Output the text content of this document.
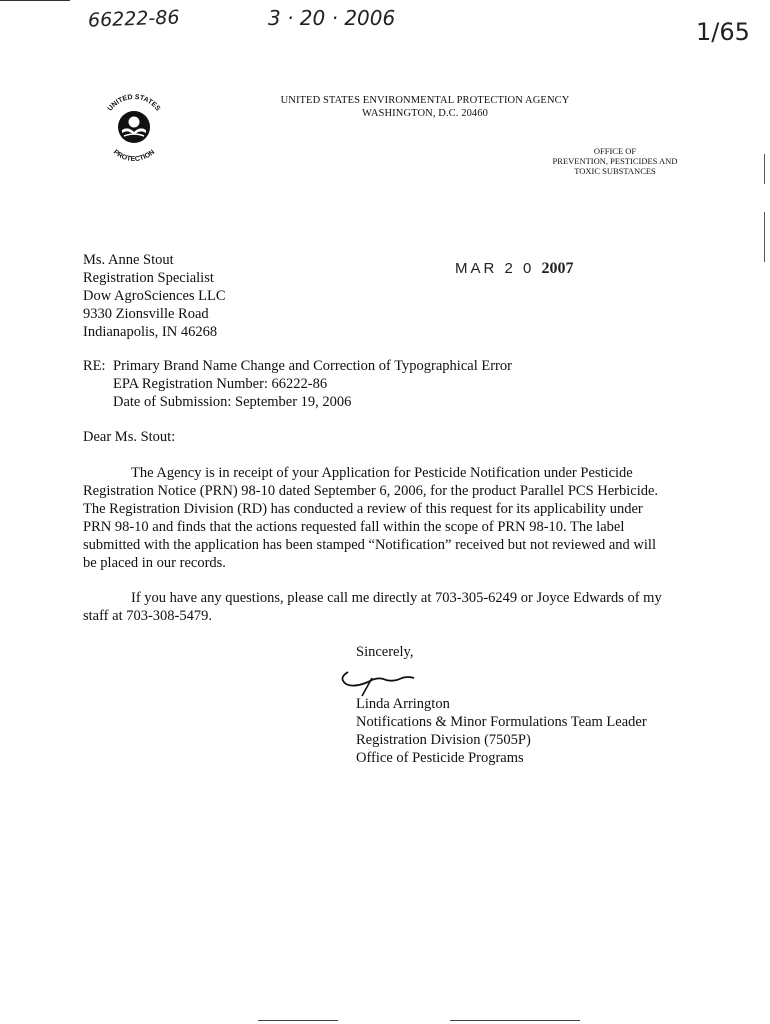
66222-86	3 · 20 · 2006	1/65
UNITED STATES
PROTECTION
UNITED STATES ENVIRONMENTAL PROTECTION AGENCY
WASHINGTON, D.C. 20460
OFFICE OF
PREVENTION, PESTICIDES AND
TOXIC SUBSTANCES
Ms. Anne Stout
Registration Specialist
Dow AgroSciences LLC
9330 Zionsville Road
Indianapolis, IN 46268
MAR 2 0 2007
RE: Primary Brand Name Change and Correction of Typographical Error
EPA Registration Number: 66222-86
Date of Submission: September 19, 2006
Dear Ms. Stout:

The Agency is in receipt of your Application for Pesticide Notification under Pesticide Registration Notice (PRN) 98-10 dated September 6, 2006, for the product Parallel PCS Herbicide. The Registration Division (RD) has conducted a review of this request for its applicability under PRN 98-10 and finds that the actions requested fall within the scope of PRN 98-10. The label submitted with the application has been stamped “Notification” received but not reviewed and will be placed in our records.

If you have any questions, please call me directly at 703-305-6249 or Joyce Edwards of my staff at 703-308-5479.

Sincerely,
Linda Arrington
Notifications & Minor Formulations Team Leader
Registration Division (7505P)
Office of Pesticide Programs
